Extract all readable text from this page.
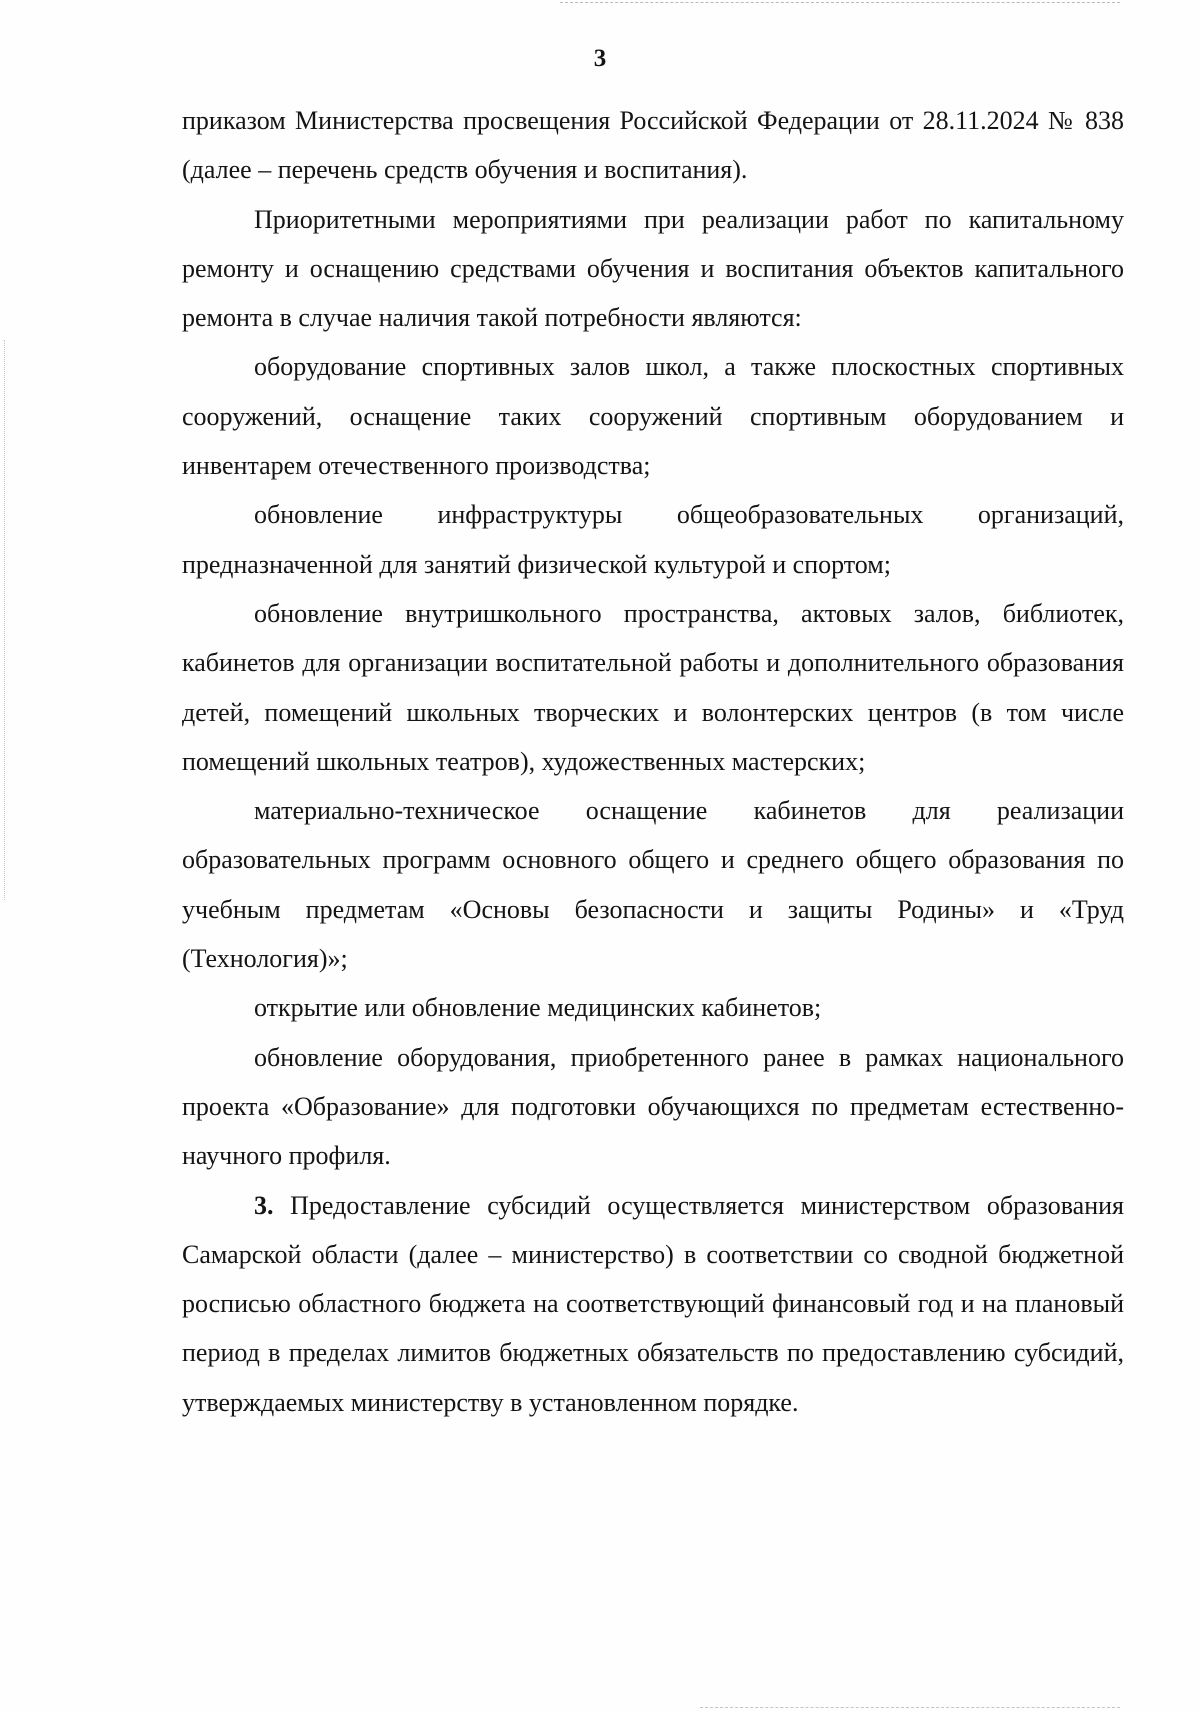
3

приказом Министерства просвещения Российской Федерации от 28.11.2024 № 838 (далее – перечень средств обучения и воспитания).

Приоритетными мероприятиями при реализации работ по капитальному ремонту и оснащению средствами обучения и воспитания объектов капитального ремонта в случае наличия такой потребности являются:

оборудование спортивных залов школ, а также плоскостных спортивных сооружений, оснащение таких сооружений спортивным оборудованием и инвентарем отечественного производства;

обновление инфраструктуры общеобразовательных организаций, предназначенной для занятий физической культурой и спортом;

обновление внутришкольного пространства, актовых залов, библиотек, кабинетов для организации воспитательной работы и дополнительного образования детей, помещений школьных творческих и волонтерских центров (в том числе помещений школьных театров), художественных мастерских;

материально-техническое оснащение кабинетов для реализации образовательных программ основного общего и среднего общего образования по учебным предметам «Основы безопасности и защиты Родины» и «Труд (Технология)»;

открытие или обновление медицинских кабинетов;

обновление оборудования, приобретенного ранее в рамках национального проекта «Образование» для подготовки обучающихся по предметам естественно-научного профиля.

3. Предоставление субсидий осуществляется министерством образования Самарской области (далее – министерство) в соответствии со сводной бюджетной росписью областного бюджета на соответствующий финансовый год и на плановый период в пределах лимитов бюджетных обязательств по предоставлению субсидий, утверждаемых министерству в установленном порядке.
